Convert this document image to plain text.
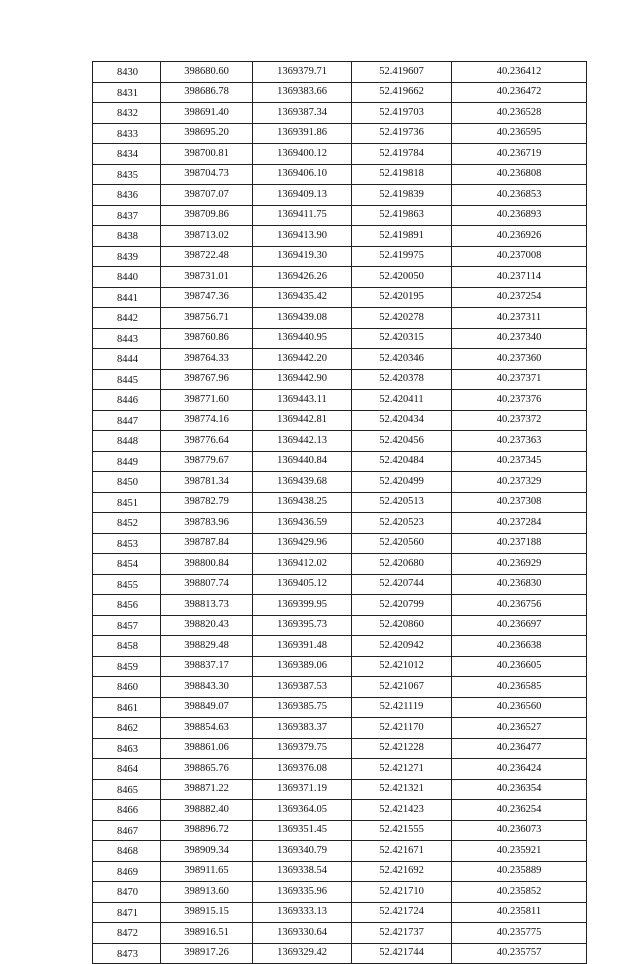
8430	398680.60	1369379.71	52.419607	40.236412
8431	398686.78	1369383.66	52.419662	40.236472
8432	398691.40	1369387.34	52.419703	40.236528
8433	398695.20	1369391.86	52.419736	40.236595
8434	398700.81	1369400.12	52.419784	40.236719
8435	398704.73	1369406.10	52.419818	40.236808
8436	398707.07	1369409.13	52.419839	40.236853
8437	398709.86	1369411.75	52.419863	40.236893
8438	398713.02	1369413.90	52.419891	40.236926
8439	398722.48	1369419.30	52.419975	40.237008
8440	398731.01	1369426.26	52.420050	40.237114
8441	398747.36	1369435.42	52.420195	40.237254
8442	398756.71	1369439.08	52.420278	40.237311
8443	398760.86	1369440.95	52.420315	40.237340
8444	398764.33	1369442.20	52.420346	40.237360
8445	398767.96	1369442.90	52.420378	40.237371
8446	398771.60	1369443.11	52.420411	40.237376
8447	398774.16	1369442.81	52.420434	40.237372
8448	398776.64	1369442.13	52.420456	40.237363
8449	398779.67	1369440.84	52.420484	40.237345
8450	398781.34	1369439.68	52.420499	40.237329
8451	398782.79	1369438.25	52.420513	40.237308
8452	398783.96	1369436.59	52.420523	40.237284
8453	398787.84	1369429.96	52.420560	40.237188
8454	398800.84	1369412.02	52.420680	40.236929
8455	398807.74	1369405.12	52.420744	40.236830
8456	398813.73	1369399.95	52.420799	40.236756
8457	398820.43	1369395.73	52.420860	40.236697
8458	398829.48	1369391.48	52.420942	40.236638
8459	398837.17	1369389.06	52.421012	40.236605
8460	398843.30	1369387.53	52.421067	40.236585
8461	398849.07	1369385.75	52.421119	40.236560
8462	398854.63	1369383.37	52.421170	40.236527
8463	398861.06	1369379.75	52.421228	40.236477
8464	398865.76	1369376.08	52.421271	40.236424
8465	398871.22	1369371.19	52.421321	40.236354
8466	398882.40	1369364.05	52.421423	40.236254
8467	398896.72	1369351.45	52.421555	40.236073
8468	398909.34	1369340.79	52.421671	40.235921
8469	398911.65	1369338.54	52.421692	40.235889
8470	398913.60	1369335.96	52.421710	40.235852
8471	398915.15	1369333.13	52.421724	40.235811
8472	398916.51	1369330.64	52.421737	40.235775
8473	398917.26	1369329.42	52.421744	40.235757
